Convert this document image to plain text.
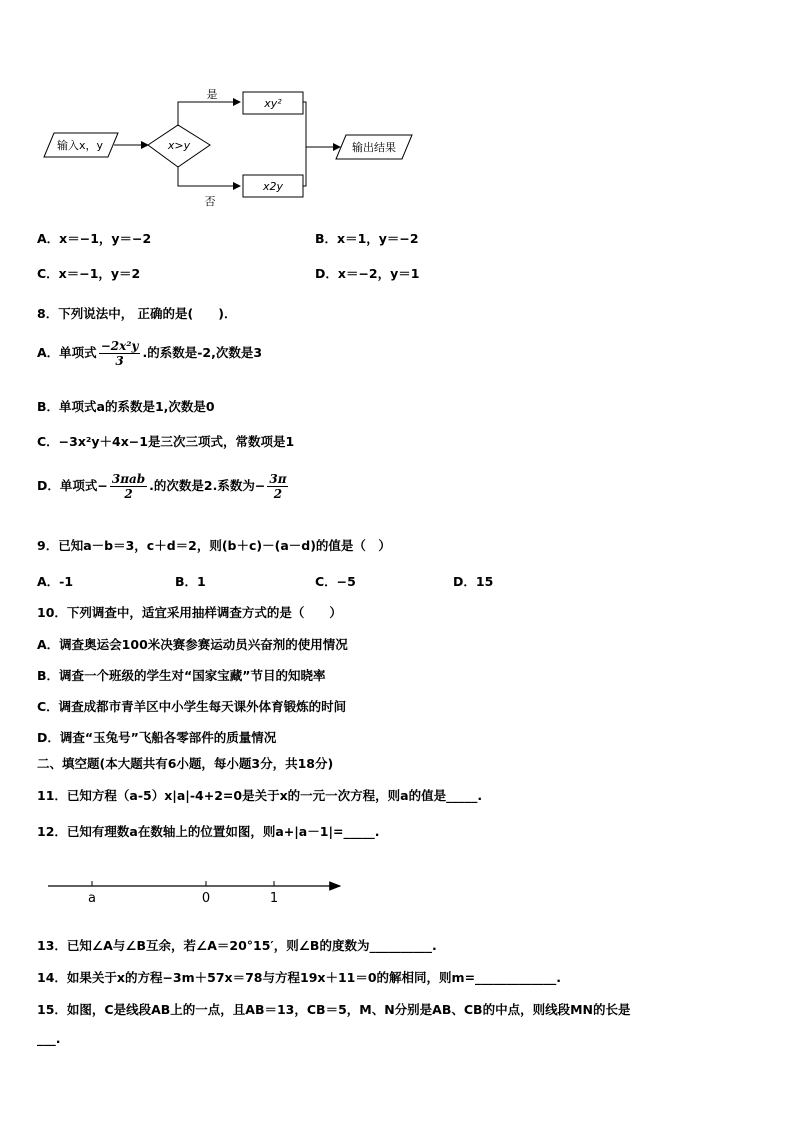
输入x，y	x>y
是
xy²
否
x2y
输出结果
A．x＝−1，y＝−2	B．x＝1，y＝−2
C．x＝−1，y＝2	D．x＝−2，y＝1
8．下列说法中， 正确的是(　　)．
A．单项式 $\frac{\text{−2x²y}}{3}$ .的系数是-2,次数是3
B．单项式a的系数是1,次数是0
C．−3x²y＋4x−1是三次三项式，常数项是1
D．单项式− $\frac{\text{3πab}}{2}$ .的次数是2.系数为− $\frac{3\pi}{2}$
9．已知a－b＝3，c＋d＝2，则(b＋c)－(a－d)的值是（　）
A．-1	B．1	C．−5	D．15
10．下列调查中，适宜采用抽样调查方式的是（　　）
A．调查奥运会100米决赛参赛运动员兴奋剂的使用情况
B．调查一个班级的学生对“国家宝藏”节目的知晓率
C．调查成都市青羊区中小学生每天课外体育锻炼的时间
D．调查“玉兔号”飞船各零部件的质量情况
二、填空题(本大题共有6小题，每小题3分，共18分)
11．已知方程（a-5）x|a|-4+2=0是关于x的一元一次方程，则a的值是_____.
12．已知有理数a在数轴上的位置如图，则a+|a－1|=_____.
a	0	1
13．已知∠A与∠B互余，若∠A＝20°15′，则∠B的度数为__________.
14．如果关于x的方程−3m＋57x＝78与方程19x＋11＝0的解相同，则m=_____________.
15．如图，C是线段AB上的一点，且AB＝13，CB＝5，M、N分别是AB、CB的中点，则线段MN的长是
___.
